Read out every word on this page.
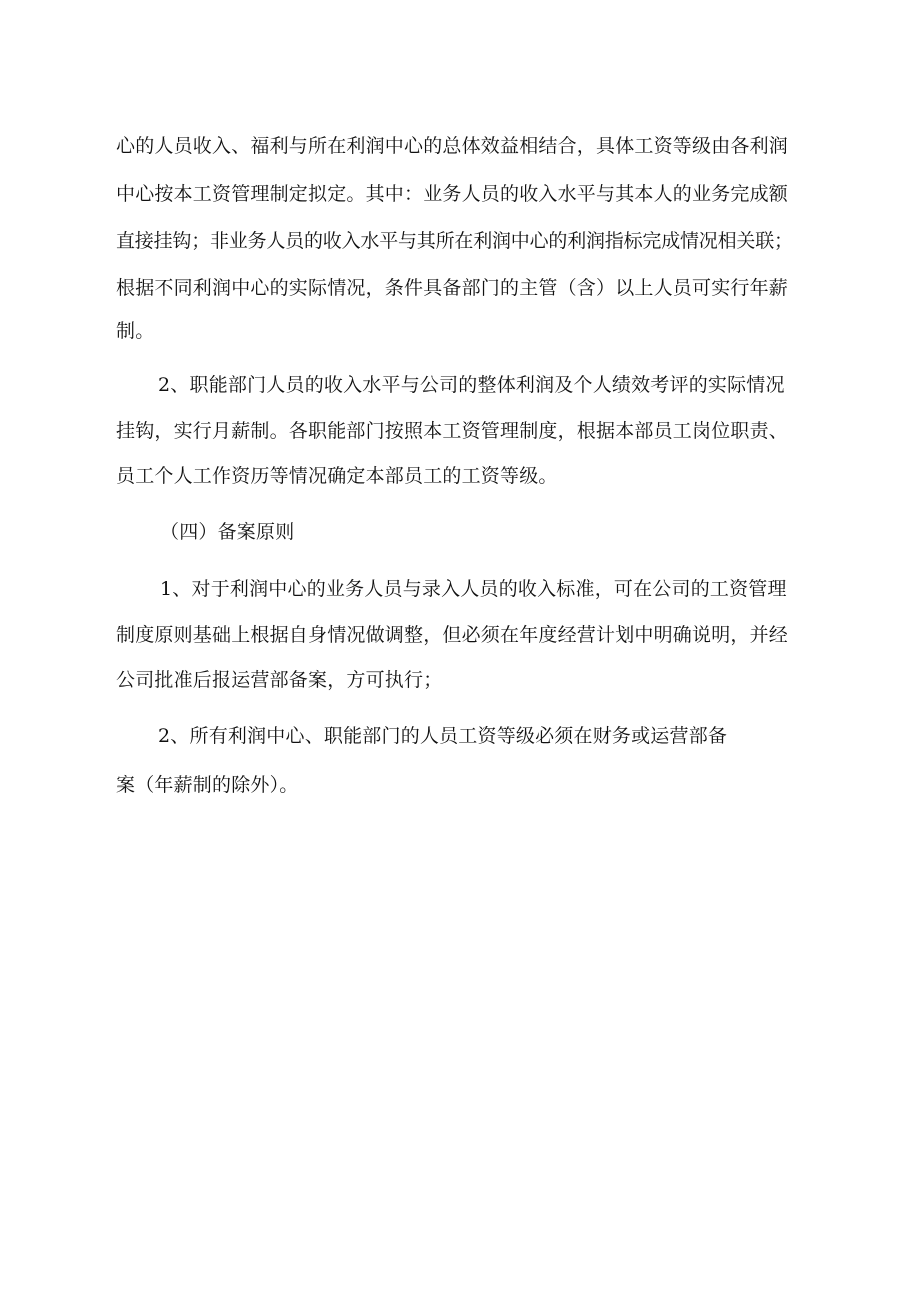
心的人员收入、福利与所在利润中心的总体效益相结合，具体工资等级由各利润
中心按本工资管理制定拟定。其中：业务人员的收入水平与其本人的业务完成额
直接挂钩；非业务人员的收入水平与其所在利润中心的利润指标完成情况相关联；
根据不同利润中心的实际情况，条件具备部门的主管（含）以上人员可实行年薪
制。
2、职能部门人员的收入水平与公司的整体利润及个人绩效考评的实际情况
挂钩，实行月薪制。各职能部门按照本工资管理制度，根据本部员工岗位职责、
员工个人工作资历等情况确定本部员工的工资等级。
（四）备案原则
1、对于利润中心的业务人员与录入人员的收入标准，可在公司的工资管理
制度原则基础上根据自身情况做调整，但必须在年度经营计划中明确说明，并经
公司批准后报运营部备案，方可执行；
2、所有利润中心、职能部门的人员工资等级必须在财务或运营部备
案（年薪制的除外）。
